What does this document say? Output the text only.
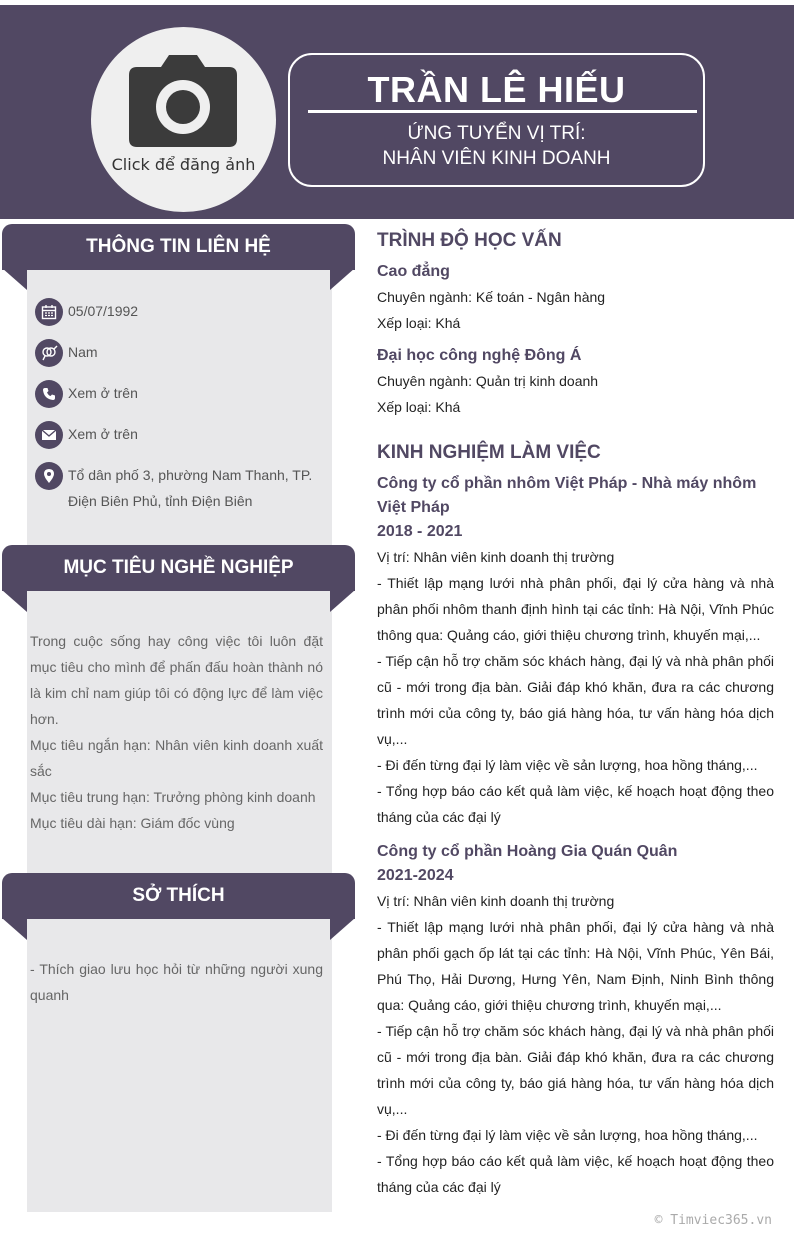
Click để đăng ảnh
TRẦN LÊ HIẾU
ỨNG TUYỂN VỊ TRÍ:
NHÂN VIÊN KINH DOANH
THÔNG TIN LIÊN HỆ
05/07/1992
Nam
Xem ở trên
Xem ở trên
Tổ dân phố 3, phường Nam Thanh, TP. Điện Biên Phủ, tỉnh Điện Biên
MỤC TIÊU NGHỀ NGHIỆP
Trong cuộc sống hay công việc tôi luôn đặt mục tiêu cho mình để phấn đấu hoàn thành nó là kim chỉ nam giúp tôi có động lực để làm việc hơn.
Mục tiêu ngắn hạn: Nhân viên kinh doanh xuất sắc
Mục tiêu trung hạn: Trưởng phòng kinh doanh
Mục tiêu dài hạn: Giám đốc vùng
SỞ THÍCH
- Thích giao lưu học hỏi từ những người xung quanh
TRÌNH ĐỘ HỌC VẤN
Cao đẳng
Chuyên ngành: Kế toán - Ngân hàng
Xếp loại: Khá
Đại học công nghệ Đông Á
Chuyên ngành: Quản trị kinh doanh
Xếp loại: Khá
KINH NGHIỆM LÀM VIỆC
Công ty cổ phần nhôm Việt Pháp - Nhà máy nhôm Việt Pháp
2018 - 2021
Vị trí: Nhân viên kinh doanh thị trường
- Thiết lập mạng lưới nhà phân phối, đại lý cửa hàng và nhà phân phối nhôm thanh định hình tại các tỉnh: Hà Nội, Vĩnh Phúc thông qua: Quảng cáo, giới thiệu chương trình, khuyến mại,...
- Tiếp cận hỗ trợ chăm sóc khách hàng, đại lý và nhà phân phối cũ - mới trong địa bàn. Giải đáp khó khăn, đưa ra các chương trình mới của công ty, báo giá hàng hóa, tư vấn hàng hóa dịch vụ,...
- Đi đến từng đại lý làm việc về sản lượng, hoa hồng tháng,...
- Tổng hợp báo cáo kết quả làm việc, kế hoạch hoạt động theo tháng của các đại lý
Công ty cổ phần Hoàng Gia Quán Quân
2021-2024
Vị trí: Nhân viên kinh doanh thị trường
- Thiết lập mạng lưới nhà phân phối, đại lý cửa hàng và nhà phân phối gạch ốp lát tại các tỉnh: Hà Nội, Vĩnh Phúc, Yên Bái, Phú Thọ, Hải Dương, Hưng Yên, Nam Định, Ninh Bình thông qua: Quảng cáo, giới thiệu chương trình, khuyến mại,...
- Tiếp cận hỗ trợ chăm sóc khách hàng, đại lý và nhà phân phối cũ - mới trong địa bàn. Giải đáp khó khăn, đưa ra các chương trình mới của công ty, báo giá hàng hóa, tư vấn hàng hóa dịch vụ,...
- Đi đến từng đại lý làm việc về sản lượng, hoa hồng tháng,...
- Tổng hợp báo cáo kết quả làm việc, kế hoạch hoạt động theo tháng của các đại lý
© Timviec365.vn
